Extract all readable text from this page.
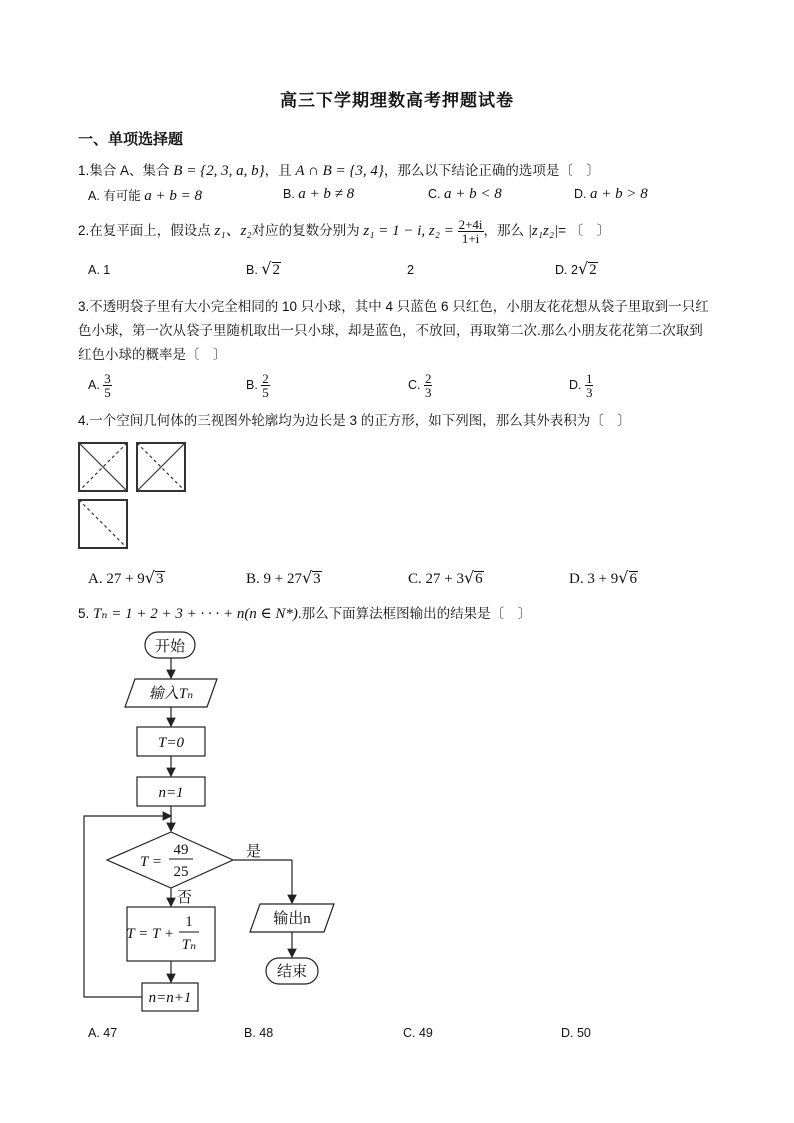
高三下学期理数高考押题试卷
一、单项选择题
1.集合 A、集合 B = {2, 3, a, b}，且 A ∩ B = {3, 4}，那么以下结论正确的选项是〔　〕
A. 有可能 a + b = 8	B. a + b ≠ 8	C. a + b < 8	D. a + b > 8
2.在复平面上，假设点 z₁、z₂对应的复数分别为 z₁ = 1 − i, $z_2 = \frac{2+4i}{1+i}$ ，那么 |z₁z₂|= 〔　〕
A. 1	B. √2	2	D. 2√2
3.不透明袋子里有大小完全相同的 10 只小球，其中 4 只蓝色 6 只红色，小朋友花花想从袋子里取到一只红
色小球，第一次从袋子里随机取出一只小球，却是蓝色，不放回，再取第二次.那么小朋友花花第二次取到
红色小球的概率是〔　〕
A. $\frac{3}{5}$	B. $\frac{2}{5}$	C. $\frac{2}{3}$	D. $\frac{1}{3}$
4.一个空间几何体的三视图外轮廓均为边长是 3 的正方形，如下列图，那么其外表积为〔　〕
A. 27 + 9√3	B. 9 + 27√3	C. 27 + 3√6	D. 3 + 9√6
5. Tₙ = 1 + 2 + 3 + · · · + n(n ∈ N*).那么下面算法框图输出的结果是〔　〕
开始
输入Tₙ
T=0
n=1
T =
49
25
是
否
T = T +
1
Tₙ
n=n+1
输出n
结束
A. 47	B. 48	C. 49	D. 50
